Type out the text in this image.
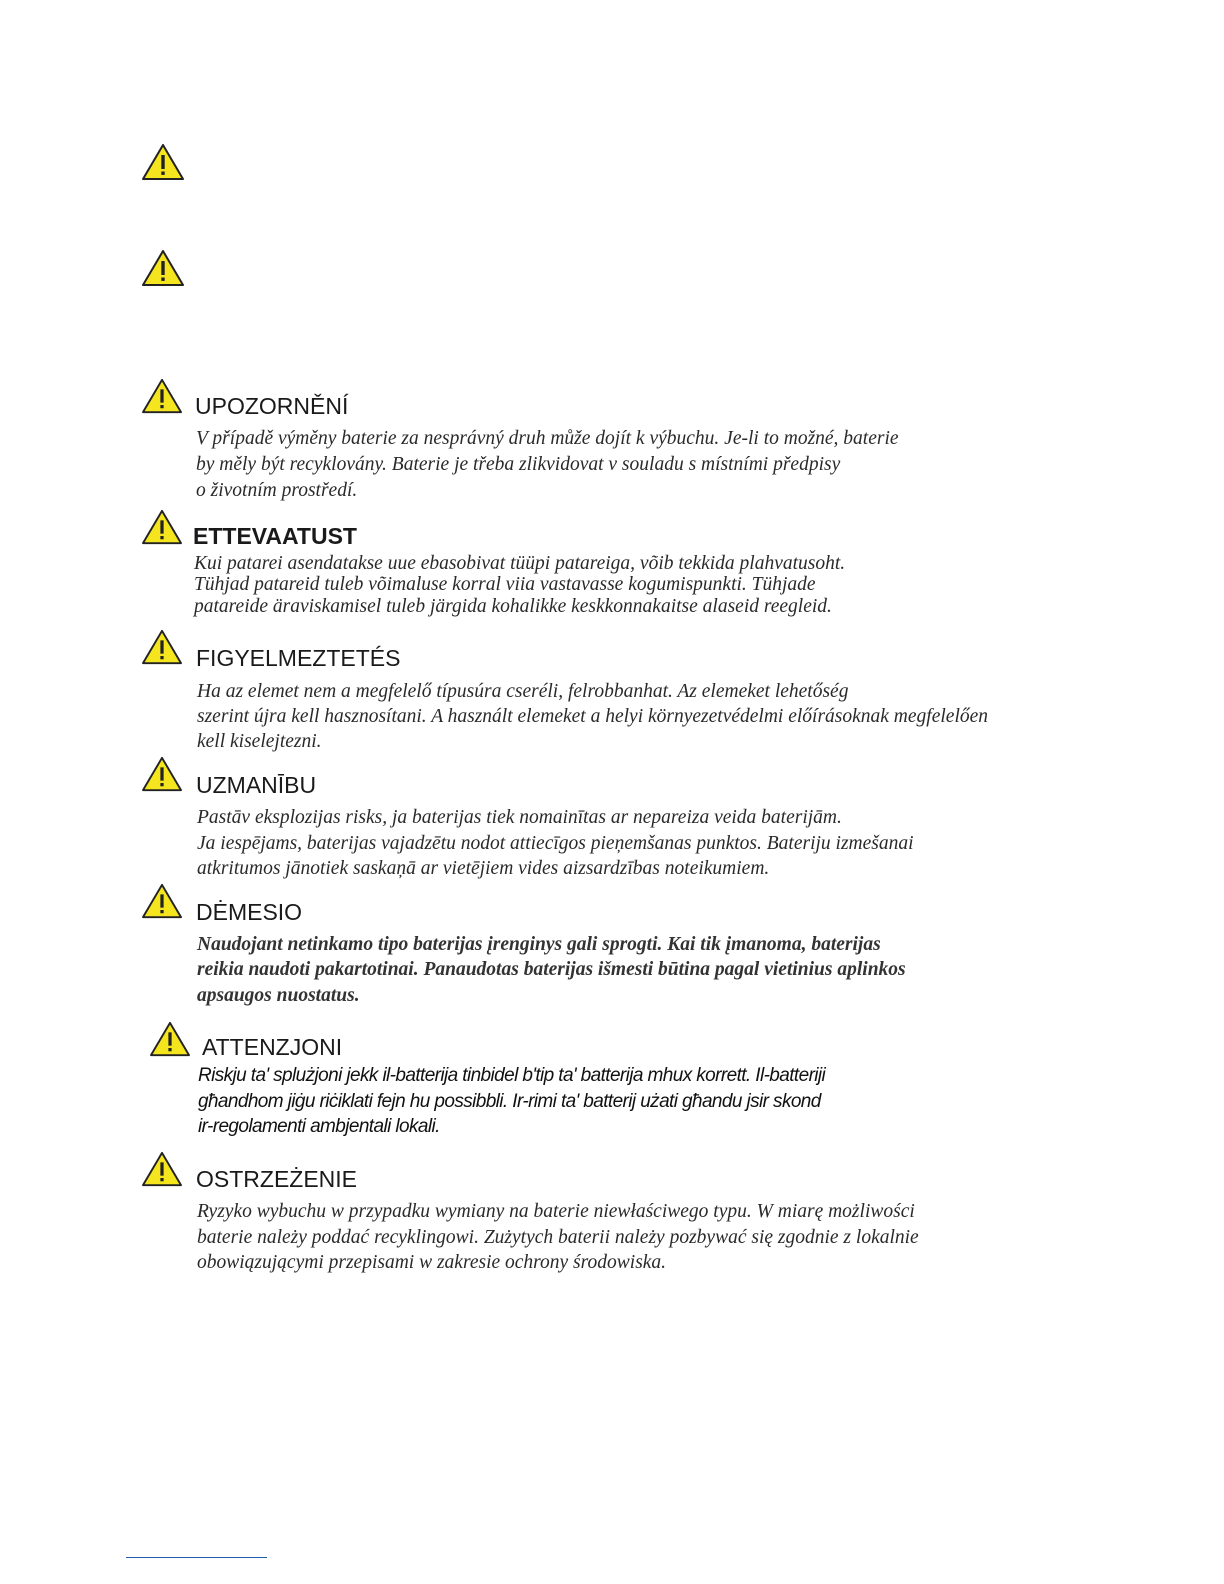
UPOZORNĚNÍ
V případě výměny baterie za nesprávný druh může dojít k výbuchu. Je-li to možné, baterie
by měly být recyklovány. Baterie je třeba zlikvidovat v souladu s místními předpisy
o životním prostředí.
ETTEVAATUST
Kui patarei asendatakse uue ebasobivat tüüpi patareiga, võib tekkida plahvatusoht.
Tühjad patareid tuleb võimaluse korral viia vastavasse kogumispunkti. Tühjade
patareide äraviskamisel tuleb järgida kohalikke keskkonnakaitse alaseid reegleid.
FIGYELMEZTETÉS
Ha az elemet nem a megfelelő típusúra cseréli, felrobbanhat. Az elemeket lehetőség
szerint újra kell hasznosítani. A használt elemeket a helyi környezetvédelmi előírásoknak megfelelően
kell kiselejtezni.
UZMANĪBU
Pastāv eksplozijas risks, ja baterijas tiek nomainītas ar nepareiza veida baterijām.
Ja iespējams, baterijas vajadzētu nodot attiecīgos pieņemšanas punktos. Bateriju izmešanai
atkritumos jānotiek saskaņā ar vietējiem vides aizsardzības noteikumiem.
DĖMESIO
Naudojant netinkamo tipo baterijas įrenginys gali sprogti. Kai tik įmanoma, baterijas
reikia naudoti pakartotinai. Panaudotas baterijas išmesti būtina pagal vietinius aplinkos
apsaugos nuostatus.
ATTENZJONI
Riskju ta' splużjoni jekk il-batterija tinbidel b'tip ta' batterija mhux korrett. Il-batteriji
għandhom jiġu riċiklati fejn hu possibbli. Ir-rimi ta' batterij użati għandu jsir skond
ir-regolamenti ambjentali lokali.
OSTRZEŻENIE
Ryzyko wybuchu w przypadku wymiany na baterie niewłaściwego typu. W miarę możliwości
baterie należy poddać recyklingowi. Zużytych baterii należy pozbywać się zgodnie z lokalnie
obowiązującymi przepisami w zakresie ochrony środowiska.
